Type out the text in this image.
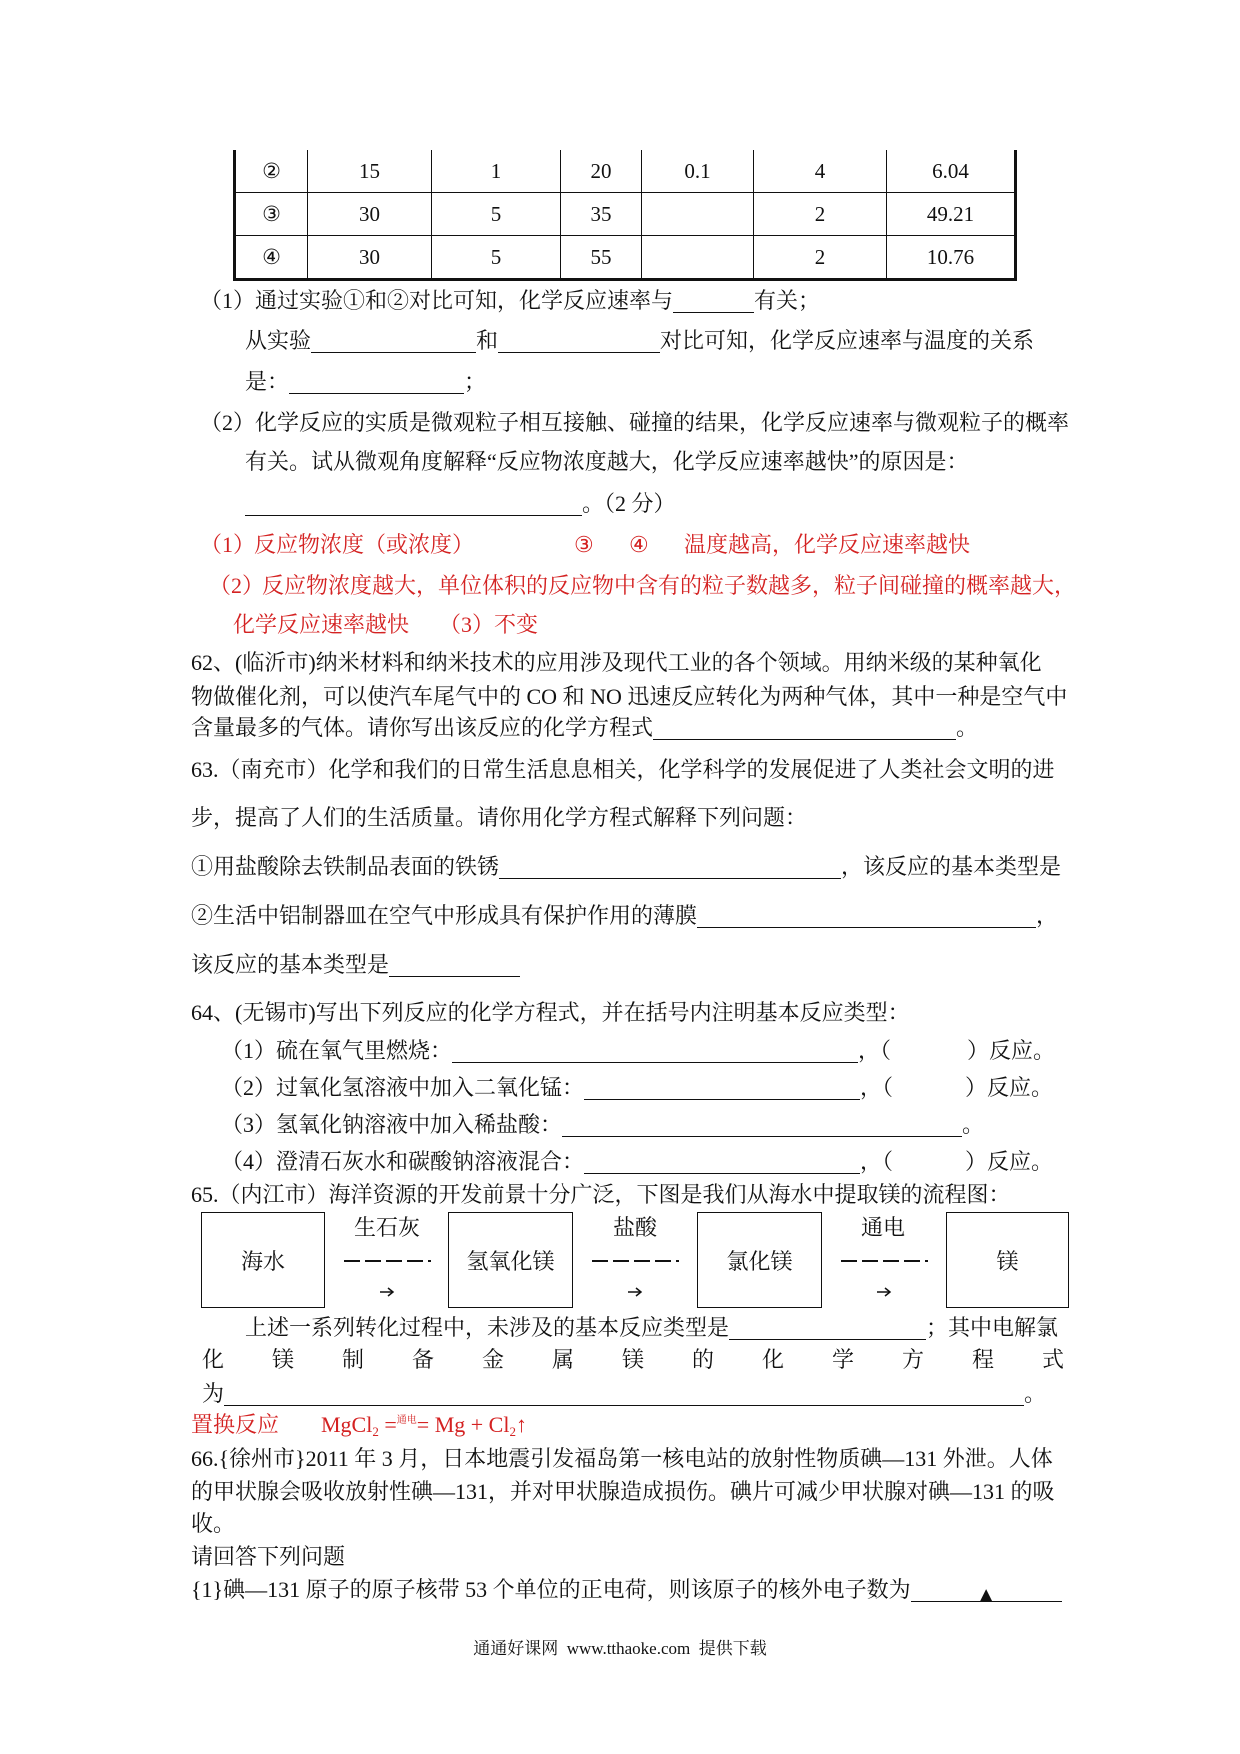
②	15	1	20	0.1	4	6.04
③	30	5	35		2	49.21
④	30	5	55		2	10.76
（1）通过实验①和②对比可知，化学反应速率与	有关；
从实验	和	对比可知，化学反应速率与温度的关系
是：	；
（2）化学反应的实质是微观粒子相互接触、碰撞的结果，化学反应速率与微观粒子的概率
有关。试从微观角度解释“反应物浓度越大，化学反应速率越快”的原因是：
。（2 分）
（1）
反应物浓度（或浓度）	③ ④ 温度越高，化学反应速率越快
（2）
反应物浓度越大，单位体积的反应物中含有的粒子数越多，粒子间碰撞的概率越大，
化学反应速率越快 （3）不变
62、(临沂市)纳米材料和纳米技术的应用涉及现代工业的各个领域。用纳米级的某种氧化
物做催化剂，可以使汽车尾气中的 CO 和 NO 迅速反应转化为两种气体，其中一种是空气中
含量最多的气体。请你写出该反应的化学方程式	。
63.（南充市）化学和我们的日常生活息息相关，化学科学的发展促进了人类社会文明的进
步，提高了人们的生活质量。请你用化学方程式解释下列问题：
①用盐酸除去铁制品表面的铁锈	，该反应的基本类型是
②生活中铝制器皿在空气中形成具有保护作用的薄膜	，
该反应的基本类型是
64、(无锡市)写出下列反应的化学方程式，并在括号内注明基本反应类型：
（1）硫在氧气里燃烧：	，（	）反应。
（2）过氧化氢溶液中加入二氧化锰：	，（	）反应。
（3）氢氧化钠溶液中加入稀盐酸：	。
（4）澄清石灰水和碳酸钠溶液混合：	，（	）反应。
65.（内江市）海洋资源的开发前景十分广泛，下图是我们从海水中提取镁的流程图：
海水	氢氧化镁	氯化镁	镁
生石灰	盐酸	通电
上述一系列转化过程中，未涉及的基本反应类型是	；其中电解氯
化镁制备金属镁的化学方程式
为	。
置换反应 MgCl$_2$ $=^{通电}= Mg + Cl_2↑$
66.{徐州市}2011 年 3 月，日本地震引发福岛第一核电站的放射性物质碘—131 外泄。人体
的甲状腺会吸收放射性碘—131，并对甲状腺造成损伤。碘片可减少甲状腺对碘—131 的吸
收。
请回答下列问题
{1}碘—131 原子的原子核带 53 个单位的正电荷，则该原子的核外电子数为	▲
通通好课网  www.tthaoke.com  提供下载
